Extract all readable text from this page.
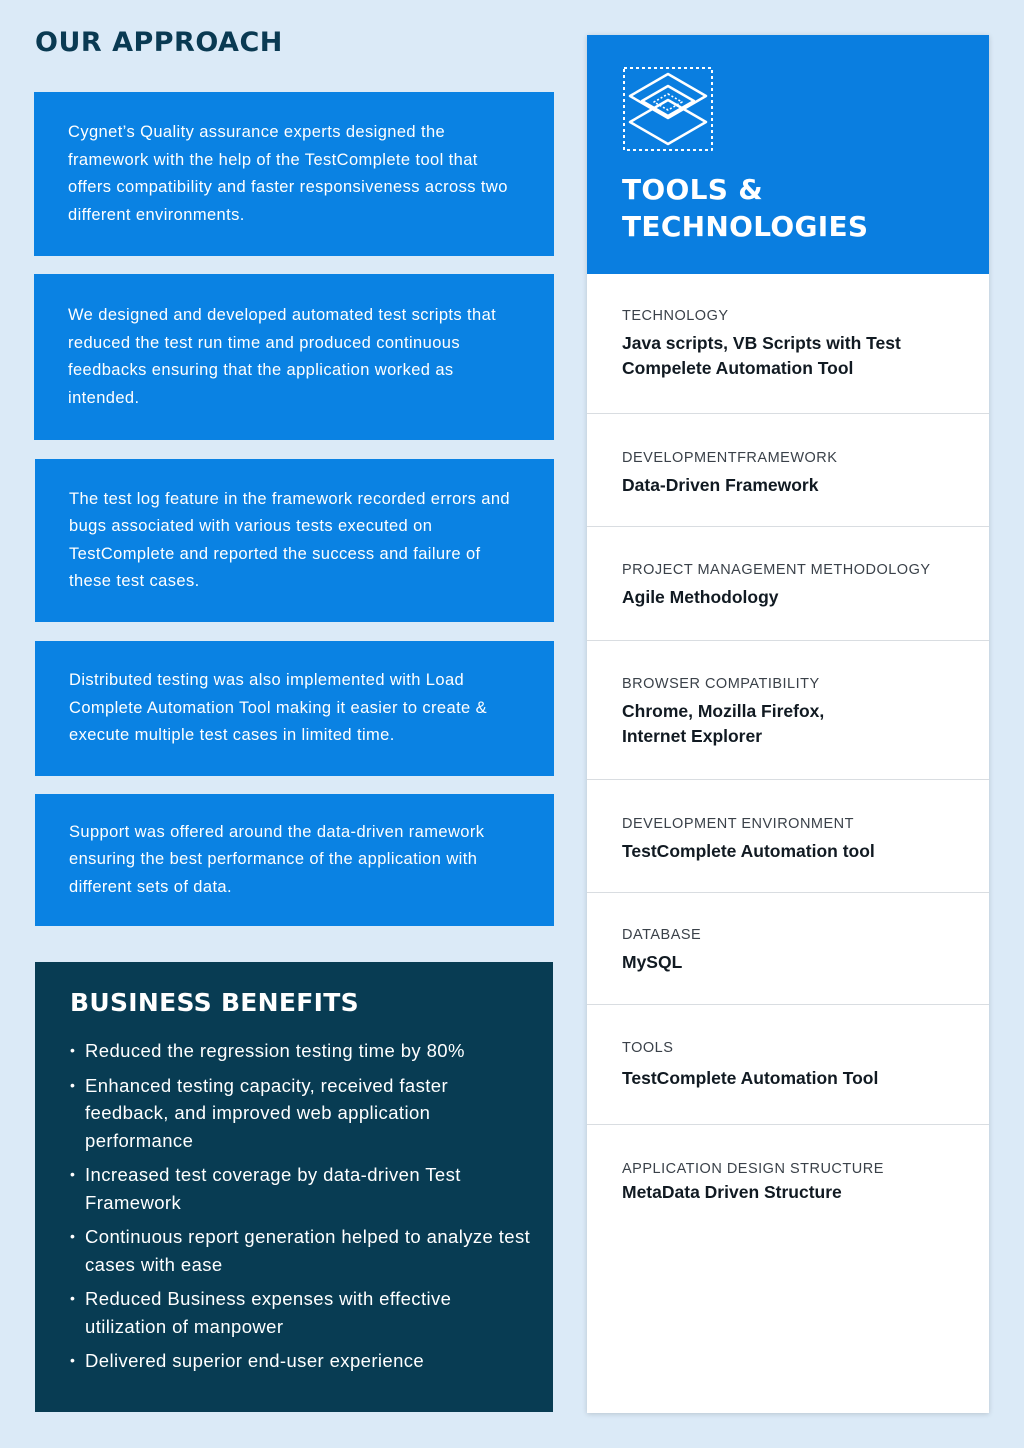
OUR APPROACH

Cygnet’s Quality assurance experts designed the framework with the help of the TestComplete tool that offers compatibility and faster responsiveness across two different environments.

We designed and developed automated test scripts that reduced the test run time and produced continuous feedbacks ensuring that the application worked as intended.

The test log feature in the framework recorded errors and bugs associated with various tests executed on TestComplete and reported the success and failure of these test cases.

Distributed testing was also implemented with Load Complete Automation Tool making it easier to create & execute multiple test cases in limited time.

Support was offered around the data-driven ramework ensuring the best performance of the application with different sets of data.

BUSINESS BENEFITS
• Reduced the regression testing time by 80%
• Enhanced testing capacity, received faster feedback, and improved web application performance
• Increased test coverage by data-driven Test Framework
• Continuous report generation helped to analyze test cases with ease
• Reduced Business expenses with effective utilization of manpower
• Delivered superior end-user experience
TOOLS &
TECHNOLOGIES
TECHNOLOGY
Java scripts, VB Scripts with Test Compelete Automation Tool
DEVELOPMENTFRAMEWORK
Data-Driven Framework
PROJECT MANAGEMENT METHODOLOGY
Agile Methodology
BROWSER COMPATIBILITY
Chrome, Mozilla Firefox, Internet Explorer
DEVELOPMENT ENVIRONMENT
TestComplete Automation tool
DATABASE
MySQL
TOOLS
TestComplete Automation Tool
APPLICATION DESIGN STRUCTURE
MetaData Driven Structure
